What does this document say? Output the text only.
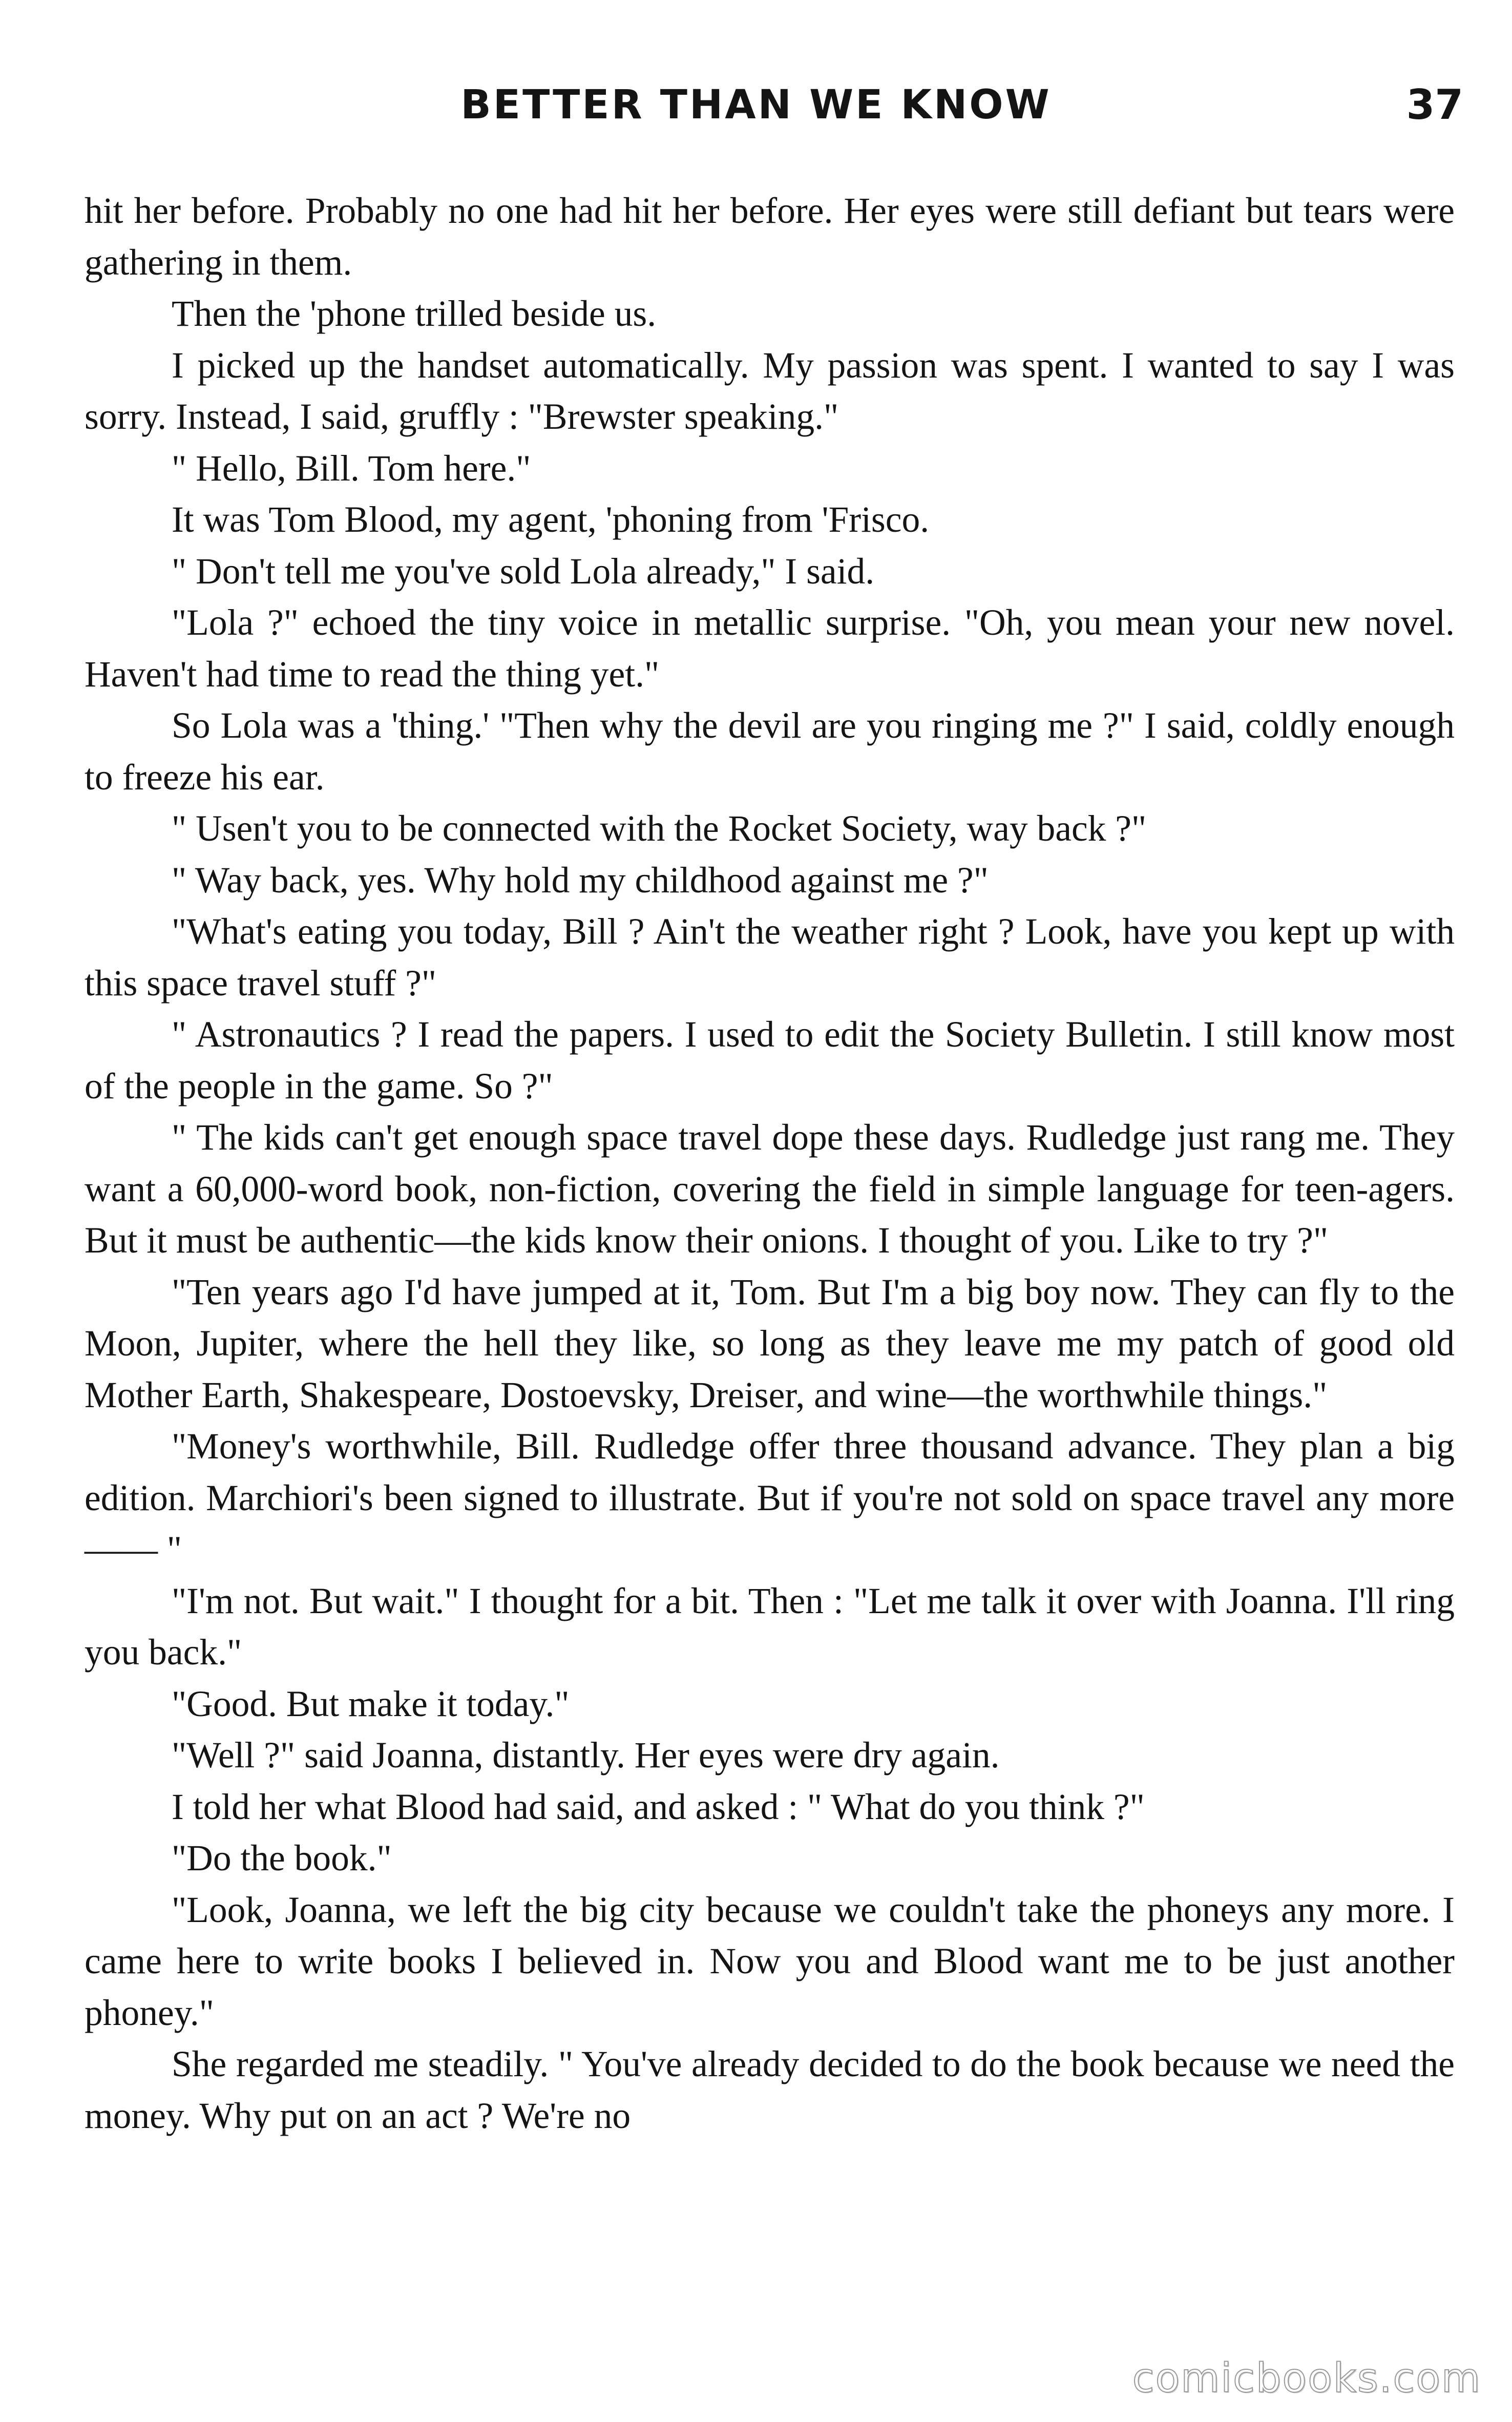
BETTER THAN WE KNOW	37

hit her before. Probably no one had hit her before. Her eyes were still defiant but tears were gathering in them.

Then the 'phone trilled beside us.

I picked up the handset automatically. My passion was spent. I wanted to say I was sorry. Instead, I said, gruffly : "Brewster speaking."

" Hello, Bill. Tom here."

It was Tom Blood, my agent, 'phoning from 'Frisco.

" Don't tell me you've sold Lola already," I said.

"Lola ?" echoed the tiny voice in metallic surprise. "Oh, you mean your new novel. Haven't had time to read the thing yet."

So Lola was a 'thing.' "Then why the devil are you ringing me ?" I said, coldly enough to freeze his ear.

" Usen't you to be connected with the Rocket Society, way back ?"

" Way back, yes. Why hold my childhood against me ?"

"What's eating you today, Bill ? Ain't the weather right ? Look, have you kept up with this space travel stuff ?"

" Astronautics ? I read the papers. I used to edit the Society Bulletin. I still know most of the people in the game. So ?"

" The kids can't get enough space travel dope these days. Rudledge just rang me. They want a 60,000-word book, non-fiction, covering the field in simple language for teen-agers. But it must be authentic—the kids know their onions. I thought of you. Like to try ?"

"Ten years ago I'd have jumped at it, Tom. But I'm a big boy now. They can fly to the Moon, Jupiter, where the hell they like, so long as they leave me my patch of good old Mother Earth, Shakespeare, Dostoevsky, Dreiser, and wine—the worthwhile things."

"Money's worthwhile, Bill. Rudledge offer three thousand advance. They plan a big edition. Marchiori's been signed to illustrate. But if you're not sold on space travel any more—— "

"I'm not. But wait." I thought for a bit. Then : "Let me talk it over with Joanna. I'll ring you back."

"Good. But make it today."

"Well ?" said Joanna, distantly. Her eyes were dry again.

I told her what Blood had said, and asked : " What do you think ?"

"Do the book."

"Look, Joanna, we left the big city because we couldn't take the phoneys any more. I came here to write books I believed in. Now you and Blood want me to be just another phoney."

She regarded me steadily. " You've already decided to do the book because we need the money. Why put on an act ? We're no

comicbooks.com
